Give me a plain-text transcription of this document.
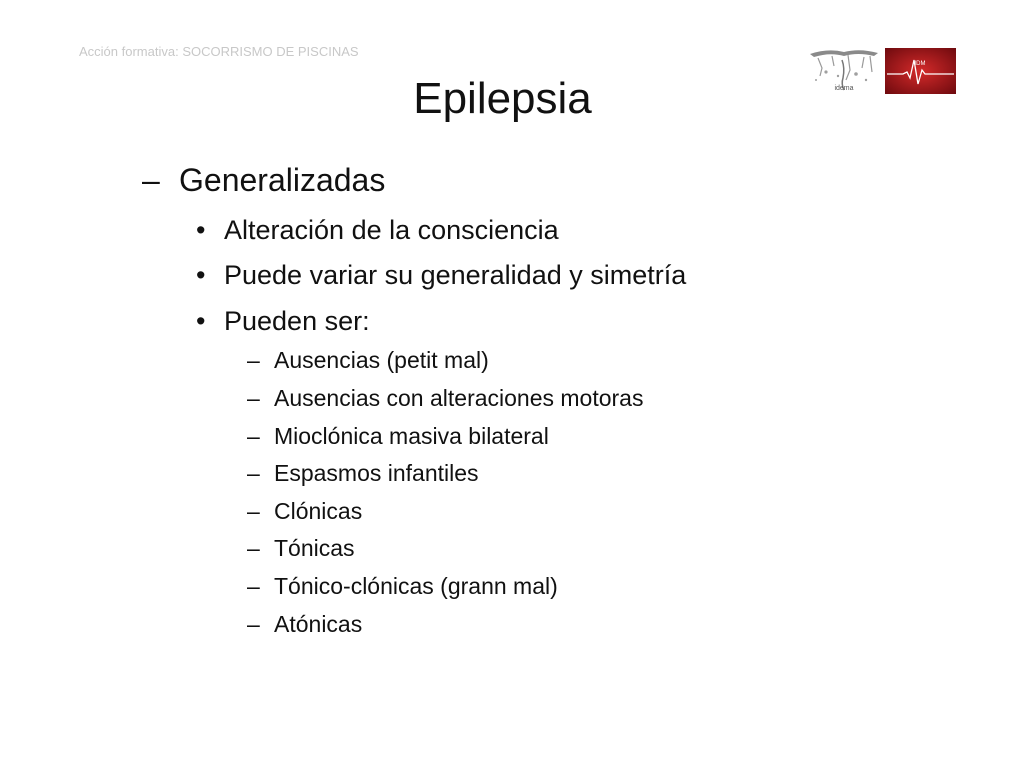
Acción formativa: SOCORRISMO DE PISCINAS
idema
IDM
Epilepsia
– Generalizadas
• Alteración de la consciencia
• Puede variar su generalidad y simetría
• Pueden ser:
– Ausencias (petit mal)
– Ausencias con alteraciones motoras
– Mioclónica masiva bilateral
– Espasmos infantiles
– Clónicas
– Tónicas
– Tónico-clónicas (grann mal)
– Atónicas
